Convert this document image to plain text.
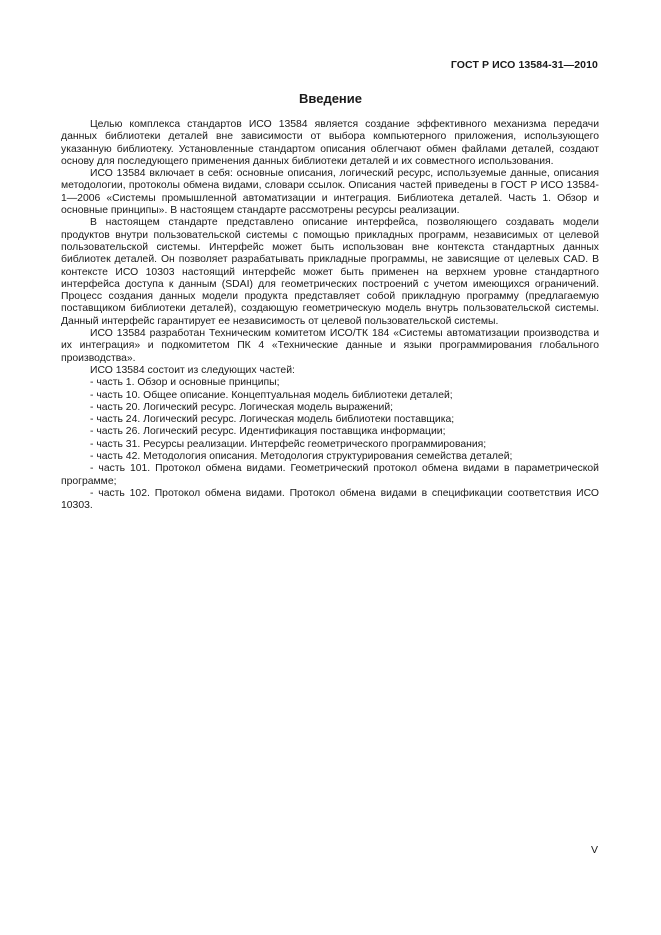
ГОСТ Р ИСО 13584-31—2010
Введение

Целью комплекса стандартов ИСО 13584 является создание эффективного механизма передачи данных библиотеки деталей вне зависимости от выбора компьютерного приложения, использующего указанную библиотеку. Установленные стандартом описания облегчают обмен файлами деталей, создают основу для последующего применения данных библиотеки деталей и их совместного использования.

ИСО 13584 включает в себя: основные описания, логический ресурс, используемые данные, описания методологии, протоколы обмена видами, словари ссылок. Описания частей приведены в ГОСТ Р ИСО 13584-1—2006 «Системы промышленной автоматизации и интеграция. Библиотека деталей. Часть 1. Обзор и основные принципы». В настоящем стандарте рассмотрены ресурсы реализации.

В настоящем стандарте представлено описание интерфейса, позволяющего создавать модели продуктов внутри пользовательской системы с помощью прикладных программ, независимых от целевой пользовательской системы. Интерфейс может быть использован вне контекста стандартных данных библиотек деталей. Он позволяет разрабатывать прикладные программы, не зависящие от целевых CAD. В контексте ИСО 10303 настоящий интерфейс может быть применен на верхнем уровне стандартного интерфейса доступа к данным (SDAI) для геометрических построений с учетом имеющихся ограничений. Процесс создания данных модели продукта представляет собой прикладную программу (предлагаемую поставщиком библиотеки деталей), создающую геометрическую модель внутрь пользовательской системы. Данный интерфейс гарантирует ее независимость от целевой пользовательской системы.

ИСО 13584 разработан Техническим комитетом ИСО/ТК 184 «Системы автоматизации производства и их интеграция» и подкомитетом ПК 4 «Технические данные и языки программирования глобального производства».

ИСО 13584 состоит из следующих частей:

- часть 1. Обзор и основные принципы;
- часть 10. Общее описание. Концептуальная модель библиотеки деталей;
- часть 20. Логический ресурс. Логическая модель выражений;
- часть 24. Логический ресурс. Логическая модель библиотеки поставщика;
- часть 26. Логический ресурс. Идентификация поставщика информации;
- часть 31. Ресурсы реализации. Интерфейс геометрического программирования;
- часть 42. Методология описания. Методология структурирования семейства деталей;
- часть 101. Протокол обмена видами. Геометрический протокол обмена видами в параметрической программе;
- часть 102. Протокол обмена видами. Протокол обмена видами в спецификации соответствия ИСО 10303.
V
